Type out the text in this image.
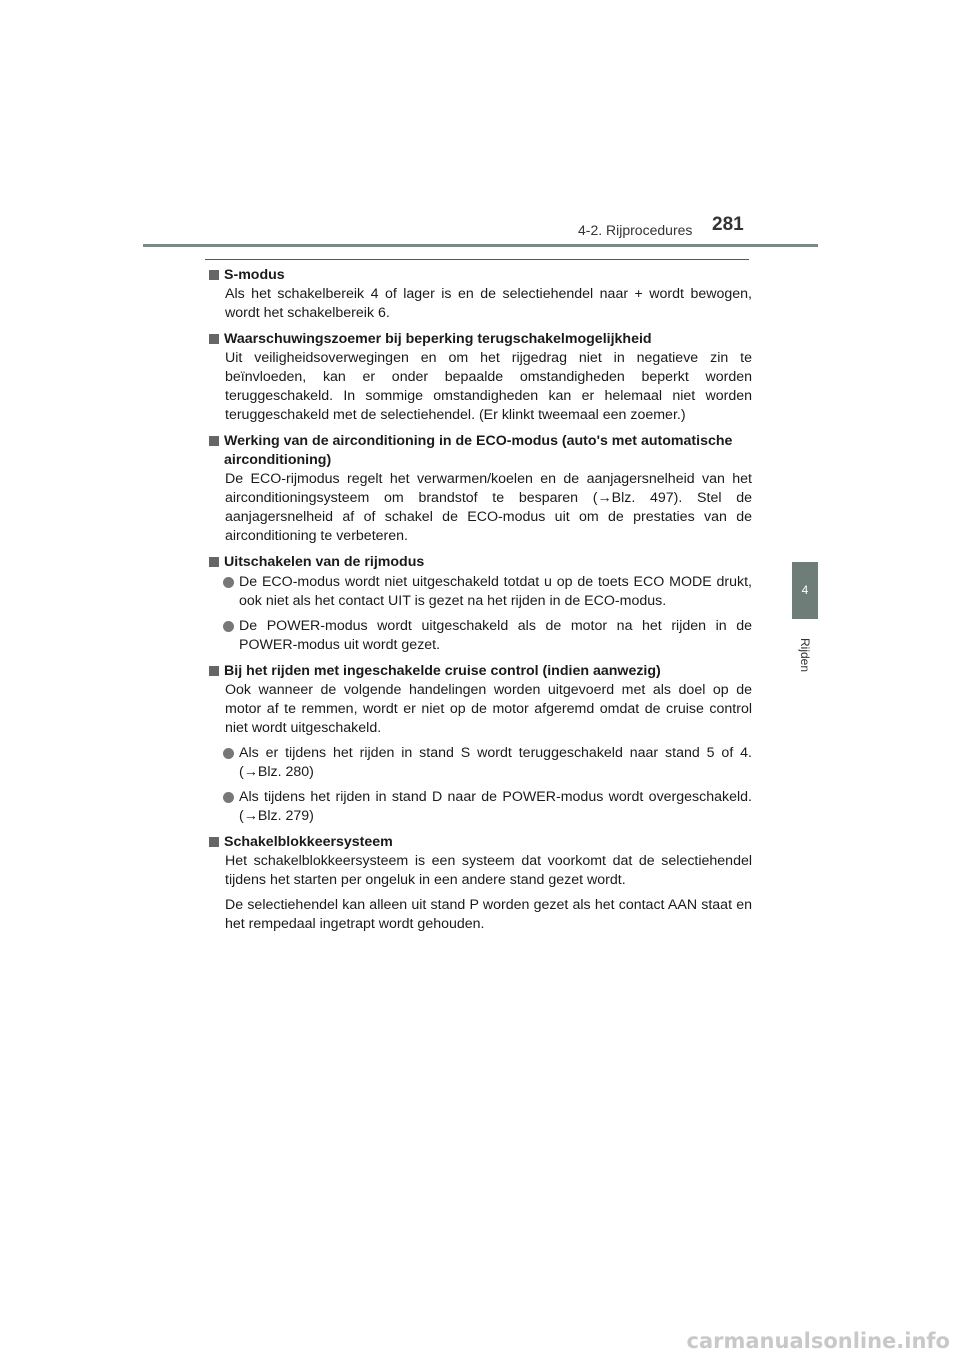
4-2. Rijprocedures 281
4
Rijden
S-modus
Als het schakelbereik 4 of lager is en de selectiehendel naar + wordt bewogen, wordt het schakelbereik 6.
Waarschuwingszoemer bij beperking terugschakelmogelijkheid
Uit veiligheidsoverwegingen en om het rijgedrag niet in negatieve zin te beïnvloeden, kan er onder bepaalde omstandigheden beperkt worden teruggeschakeld. In sommige omstandigheden kan er helemaal niet worden teruggeschakeld met de selectiehendel. (Er klinkt tweemaal een zoemer.)
Werking van de airconditioning in de ECO-modus (auto's met automatische airconditioning)
De ECO-rijmodus regelt het verwarmen/koelen en de aanjagersnelheid van het airconditioningsysteem om brandstof te besparen (→Blz. 497). Stel de aanjagersnelheid af of schakel de ECO-modus uit om de prestaties van de airconditioning te verbeteren.
Uitschakelen van de rijmodus
De ECO-modus wordt niet uitgeschakeld totdat u op de toets ECO MODE drukt, ook niet als het contact UIT is gezet na het rijden in de ECO-modus.
De POWER-modus wordt uitgeschakeld als de motor na het rijden in de POWER-modus uit wordt gezet.
Bij het rijden met ingeschakelde cruise control (indien aanwezig)
Ook wanneer de volgende handelingen worden uitgevoerd met als doel op de motor af te remmen, wordt er niet op de motor afgeremd omdat de cruise control niet wordt uitgeschakeld.
Als er tijdens het rijden in stand S wordt teruggeschakeld naar stand 5 of 4. (→Blz. 280)
Als tijdens het rijden in stand D naar de POWER-modus wordt overgeschakeld. (→Blz. 279)
Schakelblokkeersysteem
Het schakelblokkeersysteem is een systeem dat voorkomt dat de selectiehendel tijdens het starten per ongeluk in een andere stand gezet wordt.
De selectiehendel kan alleen uit stand P worden gezet als het contact AAN staat en het rempedaal ingetrapt wordt gehouden.
carmanualsonline.info
